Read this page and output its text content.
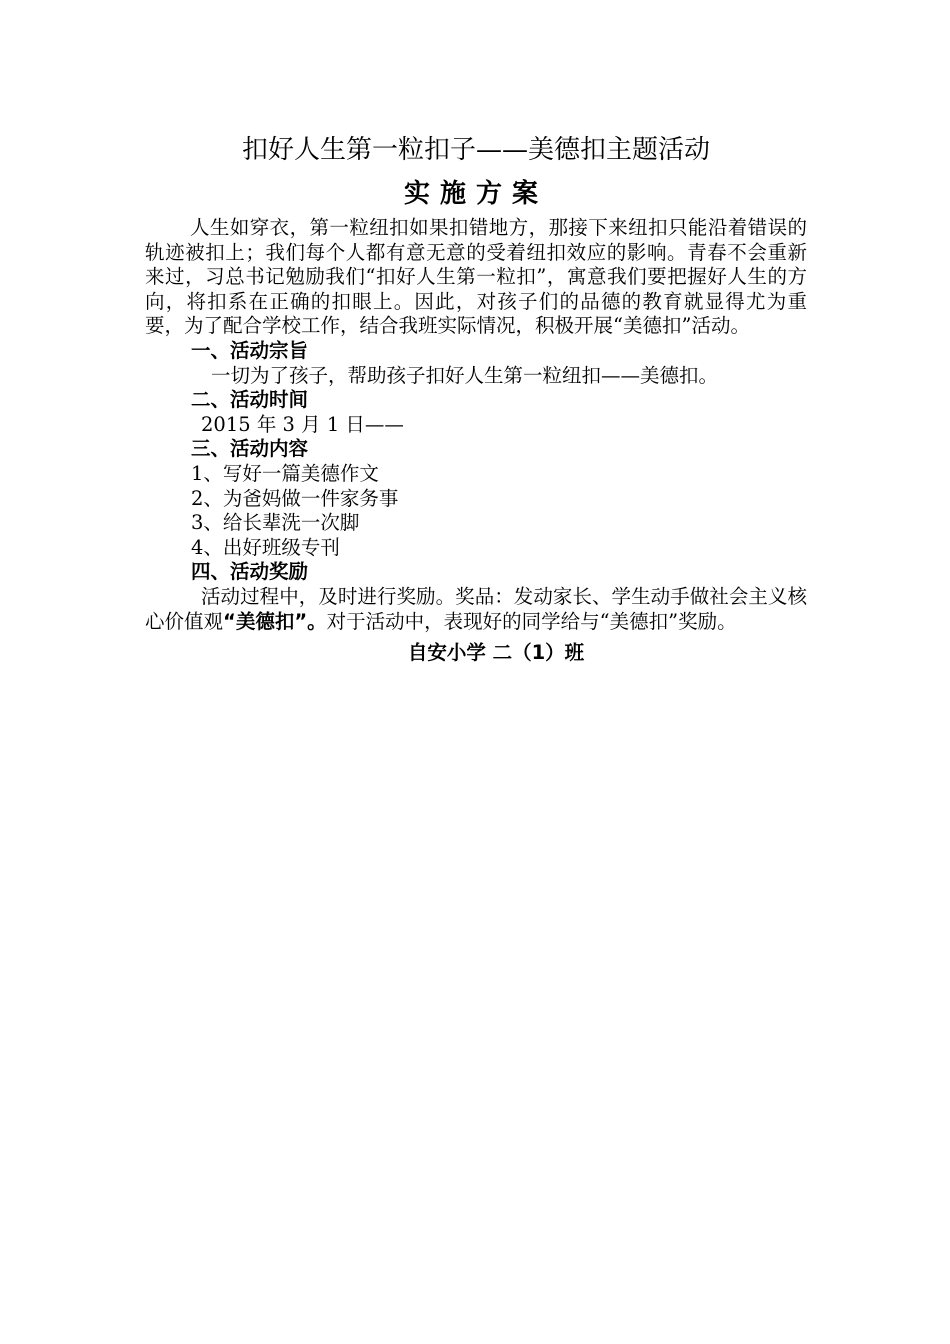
扣好人生第一粒扣子——美德扣主题活动
实施方案

人生如穿衣，第一粒纽扣如果扣错地方，那接下来纽扣只能沿着错误的轨迹被扣上；我们每个人都有意无意的受着纽扣效应的影响。青春不会重新来过，习总书记勉励我们“扣好人生第一粒扣”，寓意我们要把握好人生的方向，将扣系在正确的扣眼上。因此，对孩子们的品德的教育就显得尤为重要，为了配合学校工作，结合我班实际情况，积极开展“美德扣”活动。

一、活动宗旨

一切为了孩子，帮助孩子扣好人生第一粒纽扣——美德扣。

二、活动时间

2015 年 3 月 1 日——

三、活动内容

1、写好一篇美德作文

2、为爸妈做一件家务事

3、给长辈洗一次脚

4、出好班级专刊

四、活动奖励

活动过程中，及时进行奖励。奖品：发动家长、学生动手做社会主义核心价值观“美德扣”。对于活动中，表现好的同学给与“美德扣”奖励。

自安小学 二（1）班
